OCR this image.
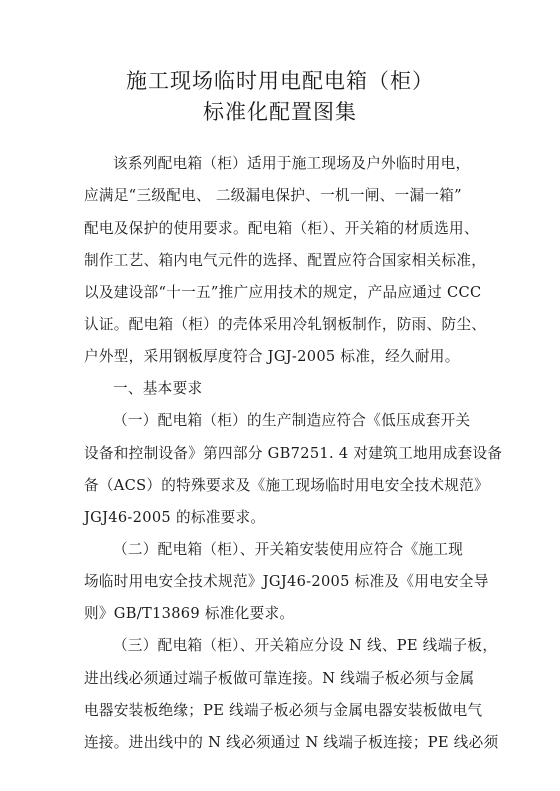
施工现场临时用电配电箱（柜）
标准化配置图集
该系列配电箱（柜）适用于施工现场及户外临时用电，
应满足“三级配电、 二级漏电保护、一机一闸、一漏一箱”
配电及保护的使用要求。配电箱（柜）、开关箱的材质选用、
制作工艺、箱内电气元件的选择、配置应符合国家相关标准，
以及建设部“十一五”推广应用技术的规定，产品应通过 CCC
认证。配电箱（柜）的壳体采用冷轧钢板制作，防雨、防尘、
户外型，采用钢板厚度符合 JGJ-2005 标准，经久耐用。
一、基本要求
（一）配电箱（柜）的生产制造应符合《低压成套开关
设备和控制设备》第四部分 GB7251. 4 对建筑工地用成套设备
备（ACS）的特殊要求及《施工现场临时用电安全技术规范》
JGJ46-2005 的标准要求。
（二）配电箱（柜）、开关箱安装使用应符合《施工现
场临时用电安全技术规范》JGJ46-2005 标准及《用电安全导
则》GB/T13869 标准化要求。
（三）配电箱（柜）、开关箱应分设 N 线、PE 线端子板，
进出线必须通过端子板做可靠连接。N 线端子板必须与金属
电器安装板绝缘；PE 线端子板必须与金属电器安装板做电气
连接。进出线中的 N 线必须通过 N 线端子板连接；PE 线必须
